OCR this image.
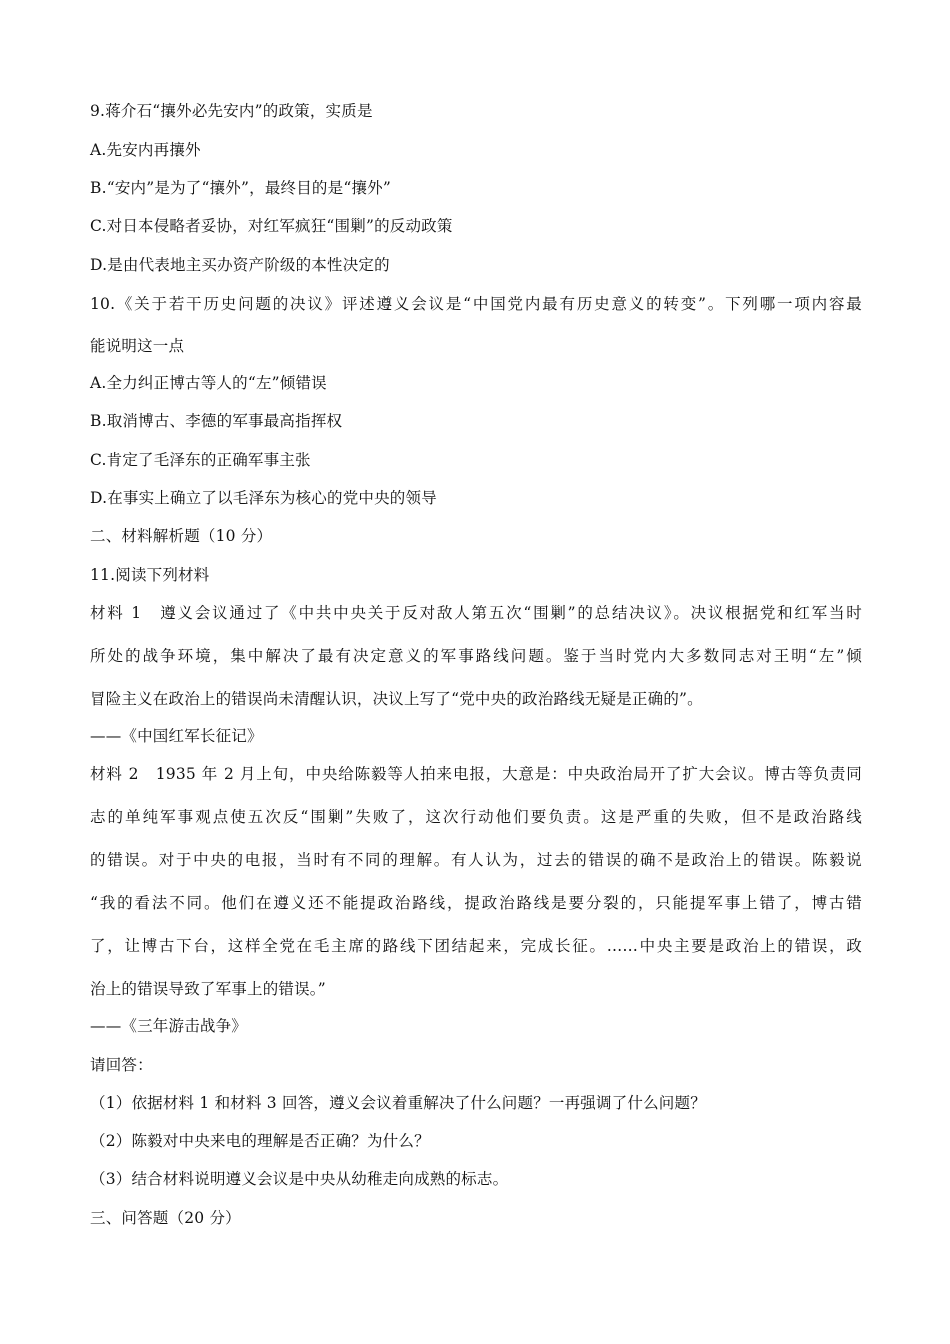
9.蒋介石“攘外必先安内”的政策，实质是
A.先安内再攘外
B.“安内”是为了“攘外”，最终目的是“攘外”
C.对日本侵略者妥协，对红军疯狂“围剿”的反动政策
D.是由代表地主买办资产阶级的本性决定的
10.《关于若干历史问题的决议》评述遵义会议是“中国党内最有历史意义的转变”。下列哪一项内容最
能说明这一点
A.全力纠正博古等人的“左”倾错误
B.取消博古、李德的军事最高指挥权
C.肯定了毛泽东的正确军事主张
D.在事实上确立了以毛泽东为核心的党中央的领导
二、材料解析题（10 分）
11.阅读下列材料
材料 1　遵义会议通过了《中共中央关于反对敌人第五次“围剿”的总结决议》。决议根据党和红军当时
所处的战争环境，集中解决了最有决定意义的军事路线问题。鉴于当时党内大多数同志对王明“左”倾
冒险主义在政治上的错误尚未清醒认识，决议上写了“党中央的政治路线无疑是正确的”。
——《中国红军长征记》
材料 2　1935 年 2 月上旬，中央给陈毅等人拍来电报，大意是：中央政治局开了扩大会议。博古等负责同
志的单纯军事观点使五次反“围剿”失败了，这次行动他们要负责。这是严重的失败，但不是政治路线
的错误。对于中央的电报，当时有不同的理解。有人认为，过去的错误的确不是政治上的错误。陈毅说
“我的看法不同。他们在遵义还不能提政治路线，提政治路线是要分裂的，只能提军事上错了，博古错
了，让博古下台，这样全党在毛主席的路线下团结起来，完成长征。……中央主要是政治上的错误，政
治上的错误导致了军事上的错误。”
——《三年游击战争》
请回答：
（1）依据材料 1 和材料 3 回答，遵义会议着重解决了什么问题？一再强调了什么问题？
（2）陈毅对中央来电的理解是否正确？为什么？
（3）结合材料说明遵义会议是中央从幼稚走向成熟的标志。
三、问答题（20 分）
